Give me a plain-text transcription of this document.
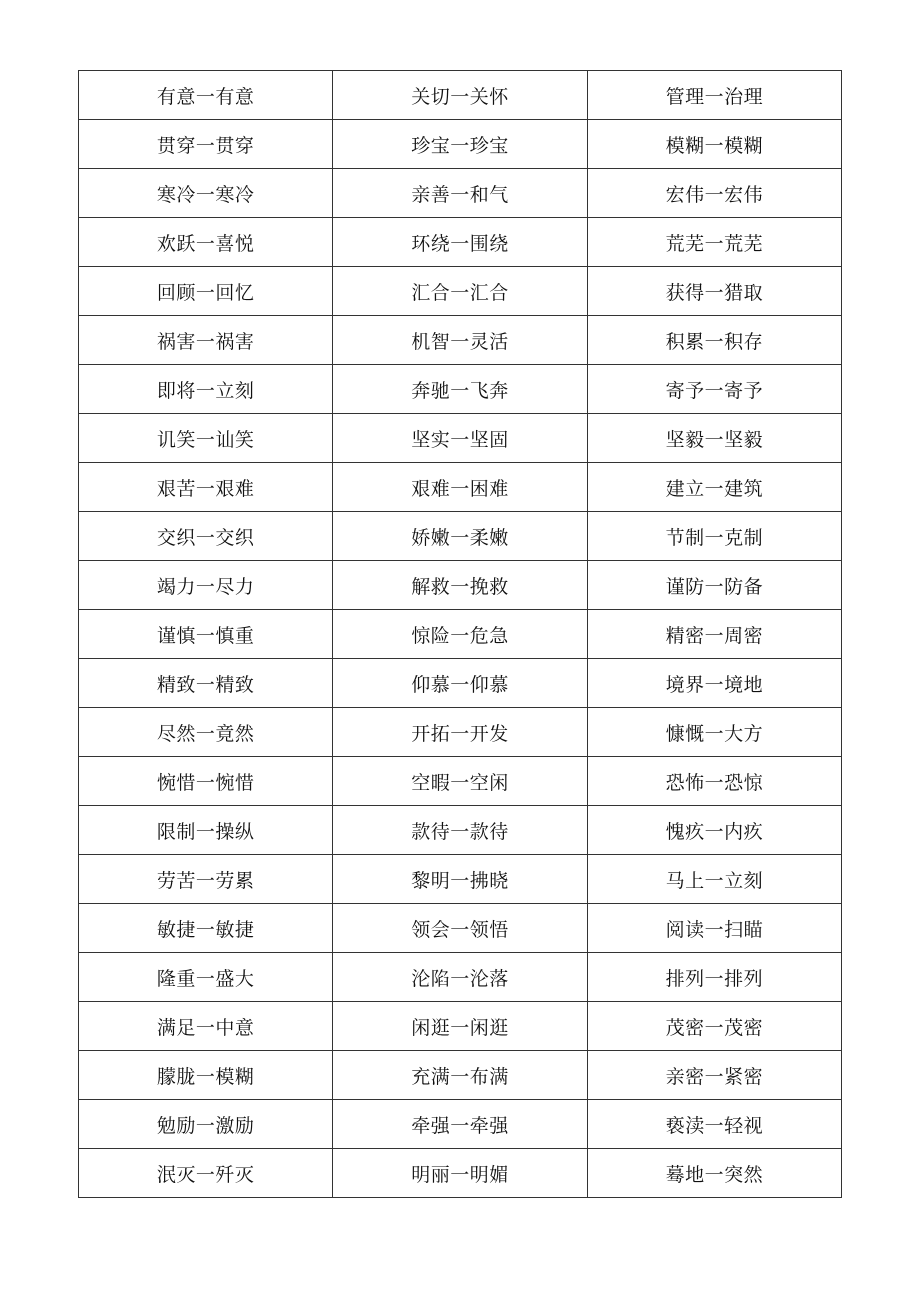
有意一有意	关切一关怀	管理一治理
贯穿一贯穿	珍宝一珍宝	模糊一模糊
寒冷一寒冷	亲善一和气	宏伟一宏伟
欢跃一喜悦	环绕一围绕	荒芜一荒芜
回顾一回忆	汇合一汇合	获得一猎取
祸害一祸害	机智一灵活	积累一积存
即将一立刻	奔驰一飞奔	寄予一寄予
讥笑一讪笑	坚实一坚固	坚毅一坚毅
艰苦一艰难	艰难一困难	建立一建筑
交织一交织	娇嫩一柔嫩	节制一克制
竭力一尽力	解救一挽救	谨防一防备
谨慎一慎重	惊险一危急	精密一周密
精致一精致	仰慕一仰慕	境界一境地
尽然一竟然	开拓一开发	慷慨一大方
惋惜一惋惜	空暇一空闲	恐怖一恐惊
限制一操纵	款待一款待	愧疚一内疚
劳苦一劳累	黎明一拂晓	马上一立刻
敏捷一敏捷	领会一领悟	阅读一扫瞄
隆重一盛大	沦陷一沦落	排列一排列
满足一中意	闲逛一闲逛	茂密一茂密
朦胧一模糊	充满一布满	亲密一紧密
勉励一激励	牵强一牵强	亵渎一轻视
泯灭一歼灭	明丽一明媚	蓦地一突然
